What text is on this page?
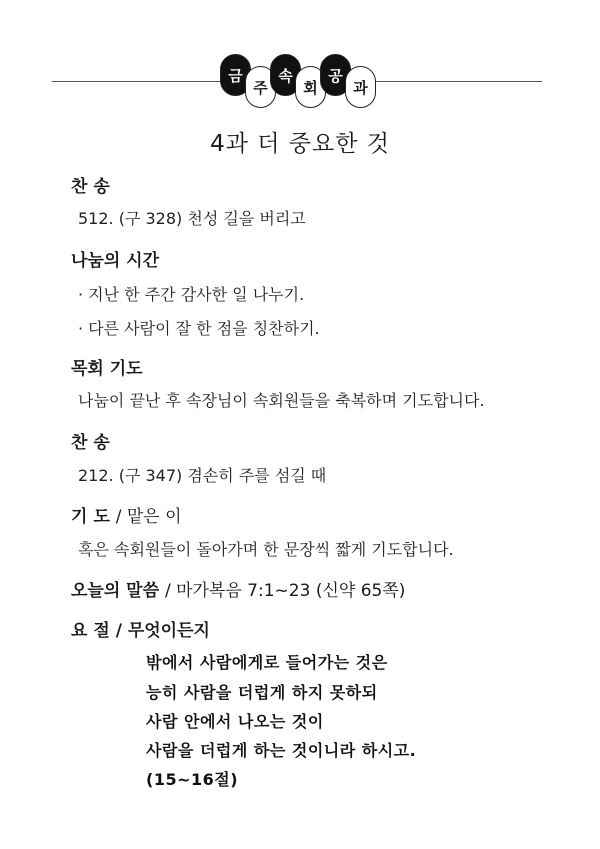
금
주
속
회
공
과
4과 더 중요한 것
찬 송
512. (구 328) 천성 길을 버리고
나눔의 시간
· 지난 한 주간 감사한 일 나누기.
· 다른 사람이 잘 한 점을 칭찬하기.
목회 기도
나눔이 끝난 후 속장님이 속회원들을 축복하며 기도합니다.
찬 송
212. (구 347) 겸손히 주를 섬길 때
기 도 / 맡은 이
혹은 속회원들이 돌아가며 한 문장씩 짧게 기도합니다.
오늘의 말씀 / 마가복음 7:1~23 (신약 65쪽)
요 절 / 무엇이든지
밖에서 사람에게로 들어가는 것은
능히 사람을 더럽게 하지 못하되
사람 안에서 나오는 것이
사람을 더럽게 하는 것이니라 하시고.
(15~16절)
